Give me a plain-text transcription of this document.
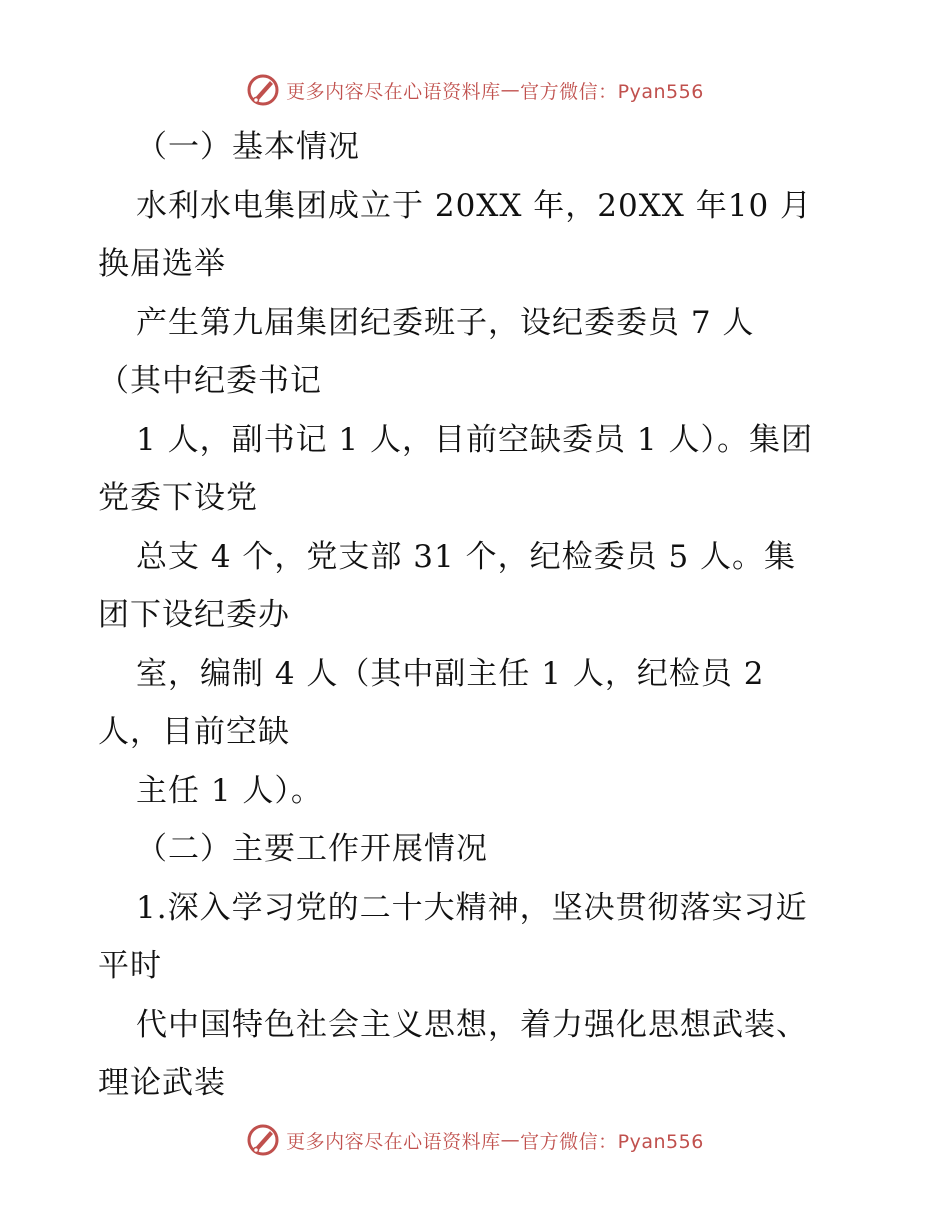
更多内容尽在心语资料库 — 官方微信：Pyan556
（一）基本情况
水利水电集团成立于 20XX 年，20XX 年10 月
换届选举
产生第九届集团纪委班子，设纪委委员 7 人
（其中纪委书记
1 人，副书记 1 人，目前空缺委员 1 人）。集团
党委下设党
总支 4 个，党支部 31 个，纪检委员 5 人。集
团下设纪委办
室，编制 4 人（其中副主任 1 人，纪检员 2
人，目前空缺
主任 1 人）。
（二）主要工作开展情况
1.深入学习党的二十大精神，坚决贯彻落实习近
平时
代中国特色社会主义思想，着力强化思想武装、
理论武装
更多内容尽在心语资料库 — 官方微信：Pyan556
